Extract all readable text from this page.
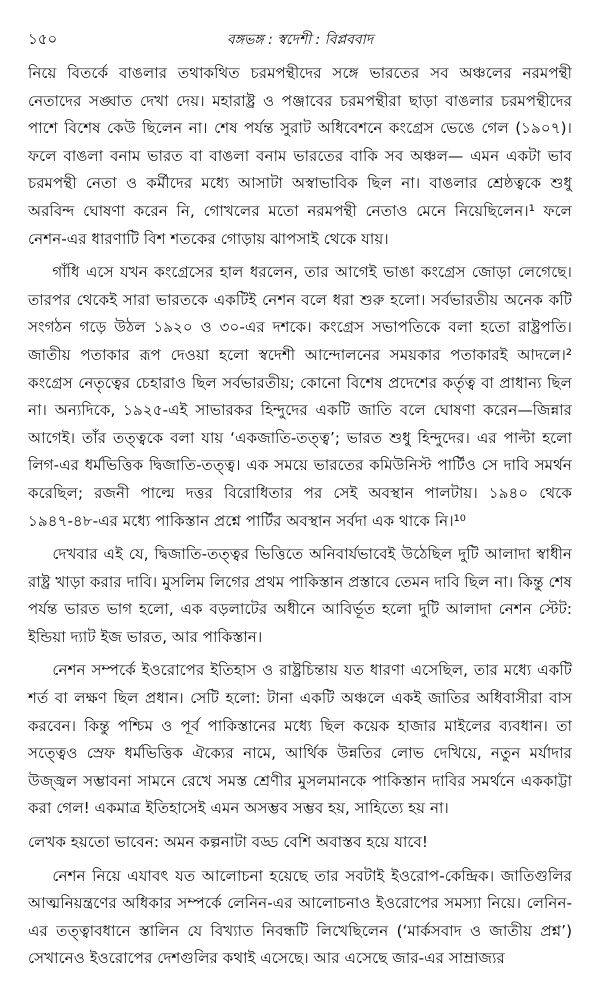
১৫০	বঙ্গভঙ্গ : স্বদেশী : বিপ্লববাদ

নিয়ে বিতর্কে বাঙলার তথাকথিত চরমপন্থীদের সঙ্গে ভারতের সব অঞ্চলের নরমপন্থী নেতাদের সঙ্ঘাত দেখা দেয়। মহারাষ্ট্র ও পঞ্জাবের চরমপন্থীরা ছাড়া বাঙলার চরমপন্থীদের পাশে বিশেষ কেউ ছিলেন না। শেষ পর্যন্ত সুরাট অধিবেশনে কংগ্রেস ভেঙে গেল (১৯০৭)। ফলে বাঙলা বনাম ভারত বা বাঙলা বনাম ভারতের বাকি সব অঞ্চল— এমন একটা ভাব চরমপন্থী নেতা ও কর্মীদের মধ্যে আসাটা অস্বাভাবিক ছিল না। বাঙলার শ্রেষ্ঠত্বকে শুধু অরবিন্দ ঘোষণা করেন নি, গোখলের মতো নরমপন্থী নেতাও মেনে নিয়েছিলেন।¹ ফলে নেশন-এর ধারণাটি বিশ শতকের গোড়ায় ঝাপসাই থেকে যায়।

গাঁধি এসে যখন কংগ্রেসের হাল ধরলেন, তার আগেই ভাঙা কংগ্রেস জোড়া লেগেছে। তারপর থেকেই সারা ভারতকে একটিই নেশন বলে ধরা শুরু হলো। সর্বভারতীয় অনেক কটি সংগঠন গড়ে উঠল ১৯২০ ও ৩০-এর দশকে। কংগ্রেস সভাপতিকে বলা হতো রাষ্ট্রপতি। জাতীয় পতাকার রূপ দেওয়া হলো স্বদেশী আন্দোলনের সময়কার পতাকারই আদলে।² কংগ্রেস নেতৃত্বের চেহারাও ছিল সর্বভারতীয়; কোনো বিশেষ প্রদেশের কর্তৃত্ব বা প্রাধান্য ছিল না। অন্যদিকে, ১৯২৫-এই সাভারকর হিন্দুদের একটি জাতি বলে ঘোষণা করেন—জিন্নার আগেই। তাঁর তত্ত্বকে বলা যায় ‘একজাতি-তত্ত্ব’; ভারত শুধু হিন্দুদের। এর পাল্টা হলো লিগ-এর ধর্মভিত্তিক দ্বিজাতি-তত্ত্ব। এক সময়ে ভারতের কমিউনিস্ট পার্টিও সে দাবি সমর্থন করেছিল; রজনী পাল্মে দত্তর বিরোধিতার পর সেই অবস্থান পালটায়। ১৯৪০ থেকে ১৯৪৭-৪৮-এর মধ্যে পাকিস্তান প্রশ্নে পার্টির অবস্থান সর্বদা এক থাকে নি।¹⁰

দেখবার এই যে, দ্বিজাতি-তত্ত্বর ভিত্তিতে অনিবার্যভাবেই উঠেছিল দুটি আলাদা স্বাধীন রাষ্ট্র খাড়া করার দাবি। মুসলিম লিগের প্রথম পাকিস্তান প্রস্তাবে তেমন দাবি ছিল না। কিন্তু শেষ পর্যন্ত ভারত ভাগ হলো, এক বড়লাটের অধীনে আবির্ভূত হলো দুটি আলাদা নেশন স্টেট: ইন্ডিয়া দ্যাট ইজ ভারত, আর পাকিস্তান।

নেশন সম্পর্কে ইওরোপের ইতিহাস ও রাষ্ট্রচিন্তায় যত ধারণা এসেছিল, তার মধ্যে একটি শর্ত বা লক্ষণ ছিল প্রধান। সেটি হলো: টানা একটি অঞ্চলে একই জাতির অধিবাসীরা বাস করবেন। কিন্তু পশ্চিম ও পূর্ব পাকিস্তানের মধ্যে ছিল কয়েক হাজার মাইলের ব্যবধান। তা সত্ত্বেও স্রেফ ধর্মভিত্তিক ঐক্যের নামে, আর্থিক উন্নতির লোভ দেখিয়ে, নতুন মর্যাদার উজ্জ্বল সম্ভাবনা সামনে রেখে সমস্ত শ্রেণীর মুসলমানকে পাকিস্তান দাবির সমর্থনে এককাট্টা করা গেল! একমাত্র ইতিহাসেই এমন অসম্ভব সম্ভব হয়, সাহিত্যে হয় না।

লেখক হয়তো ভাবেন: অমন কল্পনাটা বড্ড বেশি অবাস্তব হয়ে যাবে!

নেশন নিয়ে এযাবৎ যত আলোচনা হয়েছে তার সবটাই ইওরোপ-কেন্দ্রিক। জাতিগুলির আত্মনিয়ন্ত্রণের অধিকার সম্পর্কে লেনিন-এর আলোচনাও ইওরোপের সমস্যা নিয়ে। লেনিন-এর তত্ত্বাবধানে স্তালিন যে বিখ্যাত নিবন্ধটি লিখেছিলেন (‘মার্কসবাদ ও জাতীয় প্রশ্ন’) সেখানেও ইওরোপের দেশগুলির কথাই এসেছে। আর এসেছে জার-এর সাম্রাজ্যর
